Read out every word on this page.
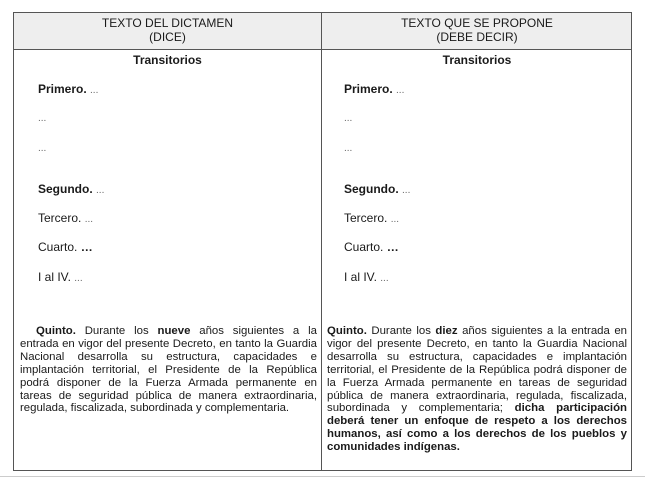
TEXTO DEL DICTAMEN
(DICE)
TEXTO QUE SE PROPONE
(DEBE DECIR)
Transitorios
Primero. ...
...
...
Segundo. ...
Tercero. ...
Cuarto. …
I al IV. ...
Quinto. Durante los nueve años siguientes a la entrada en vigor del presente Decreto, en tanto la Guardia Nacional desarrolla su estructura, capacidades e implantación territorial, el Presidente de la República podrá disponer de la Fuerza Armada permanente en tareas de seguridad pública de manera extraordinaria, regulada, fiscalizada, subordinada y complementaria.
Transitorios
Primero. ...
...
...
Segundo. ...
Tercero. ...
Cuarto. …
I al IV. ...
Quinto. Durante los diez años siguientes a la entrada en vigor del presente Decreto, en tanto la Guardia Nacional desarrolla su estructura, capacidades e implantación territorial, el Presidente de la República podrá disponer de la Fuerza Armada permanente en tareas de seguridad pública de manera extraordinaria, regulada, fiscalizada, subordinada y complementaria; dicha participación deberá tener un enfoque de respeto a los derechos humanos, así como a los derechos de los pueblos y comunidades indígenas.
